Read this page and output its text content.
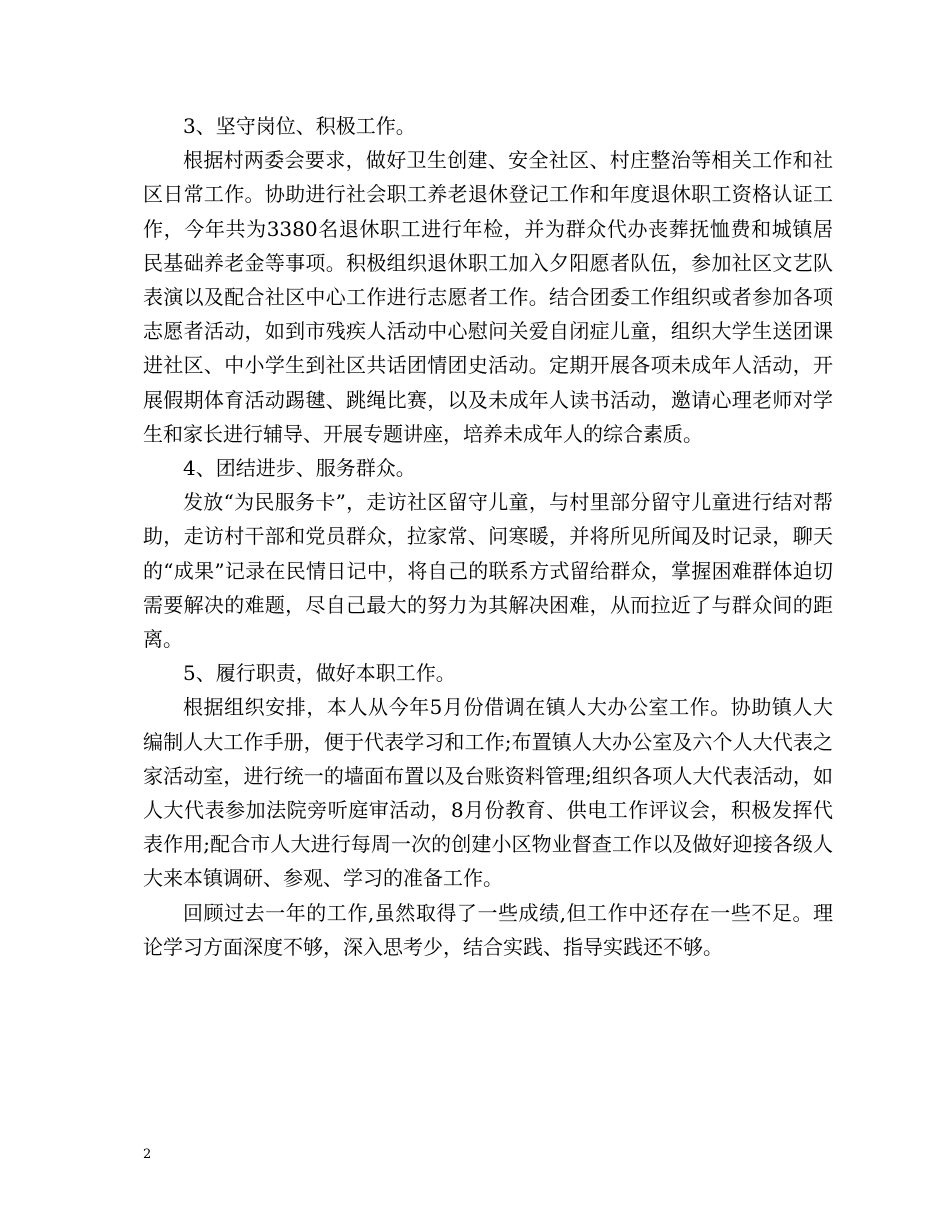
3、坚守岗位、积极工作。

根据村两委会要求，做好卫生创建、安全社区、村庄整治等相关工作和社区日常工作。协助进行社会职工养老退休登记工作和年度退休职工资格认证工作，今年共为3380名退休职工进行年检，并为群众代办丧葬抚恤费和城镇居民基础养老金等事项。积极组织退休职工加入夕阳愿者队伍，参加社区文艺队表演以及配合社区中心工作进行志愿者工作。结合团委工作组织或者参加各项志愿者活动，如到市残疾人活动中心慰问关爱自闭症儿童，组织大学生送团课进社区、中小学生到社区共话团情团史活动。定期开展各项未成年人活动，开展假期体育活动踢毽、跳绳比赛，以及未成年人读书活动，邀请心理老师对学生和家长进行辅导、开展专题讲座，培养未成年人的综合素质。

4、团结进步、服务群众。

发放“为民服务卡”，走访社区留守儿童，与村里部分留守儿童进行结对帮助，走访村干部和党员群众，拉家常、问寒暖，并将所见所闻及时记录，聊天的“成果”记录在民情日记中，将自己的联系方式留给群众，掌握困难群体迫切需要解决的难题，尽自己最大的努力为其解决困难，从而拉近了与群众间的距离。

5、履行职责，做好本职工作。

根据组织安排，本人从今年5月份借调在镇人大办公室工作。协助镇人大编制人大工作手册，便于代表学习和工作;布置镇人大办公室及六个人大代表之家活动室，进行统一的墙面布置以及台账资料管理;组织各项人大代表活动，如人大代表参加法院旁听庭审活动，8月份教育、供电工作评议会，积极发挥代表作用;配合市人大进行每周一次的创建小区物业督查工作以及做好迎接各级人大来本镇调研、参观、学习的准备工作。

回顾过去一年的工作,虽然取得了一些成绩,但工作中还存在一些不足。理论学习方面深度不够，深入思考少，结合实践、指导实践还不够。

2
